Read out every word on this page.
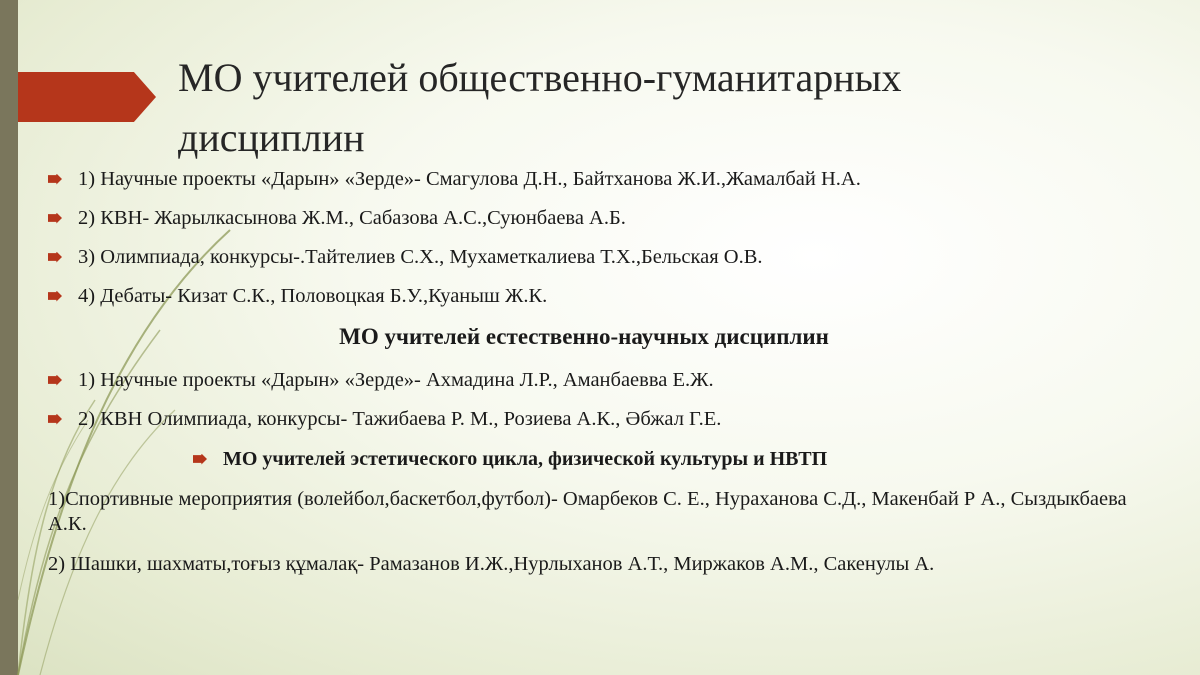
МО учителей общественно-гуманитарных дисциплин
1) Научные проекты «Дарын» «Зерде»- Смагулова Д.Н., Байтханова Ж.И.,Жамалбай Н.А.
2) КВН- Жарылкасынова Ж.М., Сабазова А.С.,Суюнбаева А.Б.
3) Олимпиада, конкурсы-.Тайтелиев С.Х., Мухаметкалиева Т.Х.,Бельская О.В.
4) Дебаты- Кизат С.К., Половоцкая Б.У.,Куаныш Ж.К.
МО учителей естественно-научных дисциплин
1) Научные проекты «Дарын» «Зерде»- Ахмадина Л.Р., Аманбаевва Е.Ж.
2) КВН Олимпиада, конкурсы- Тажибаева Р. М., Розиева А.К., Әбжал Г.Е.
МО учителей эстетического цикла, физической культуры и НВТП
1)Спортивные мероприятия (волейбол,баскетбол,футбол)- Омарбеков С. Е., Нураханова С.Д., Макенбай Р А., Сыздыкбаева А.К.
2) Шашки, шахматы,тоғыз құмалақ- Рамазанов И.Ж.,Нурлыханов А.Т., Миржаков А.М., Сакенулы А.
